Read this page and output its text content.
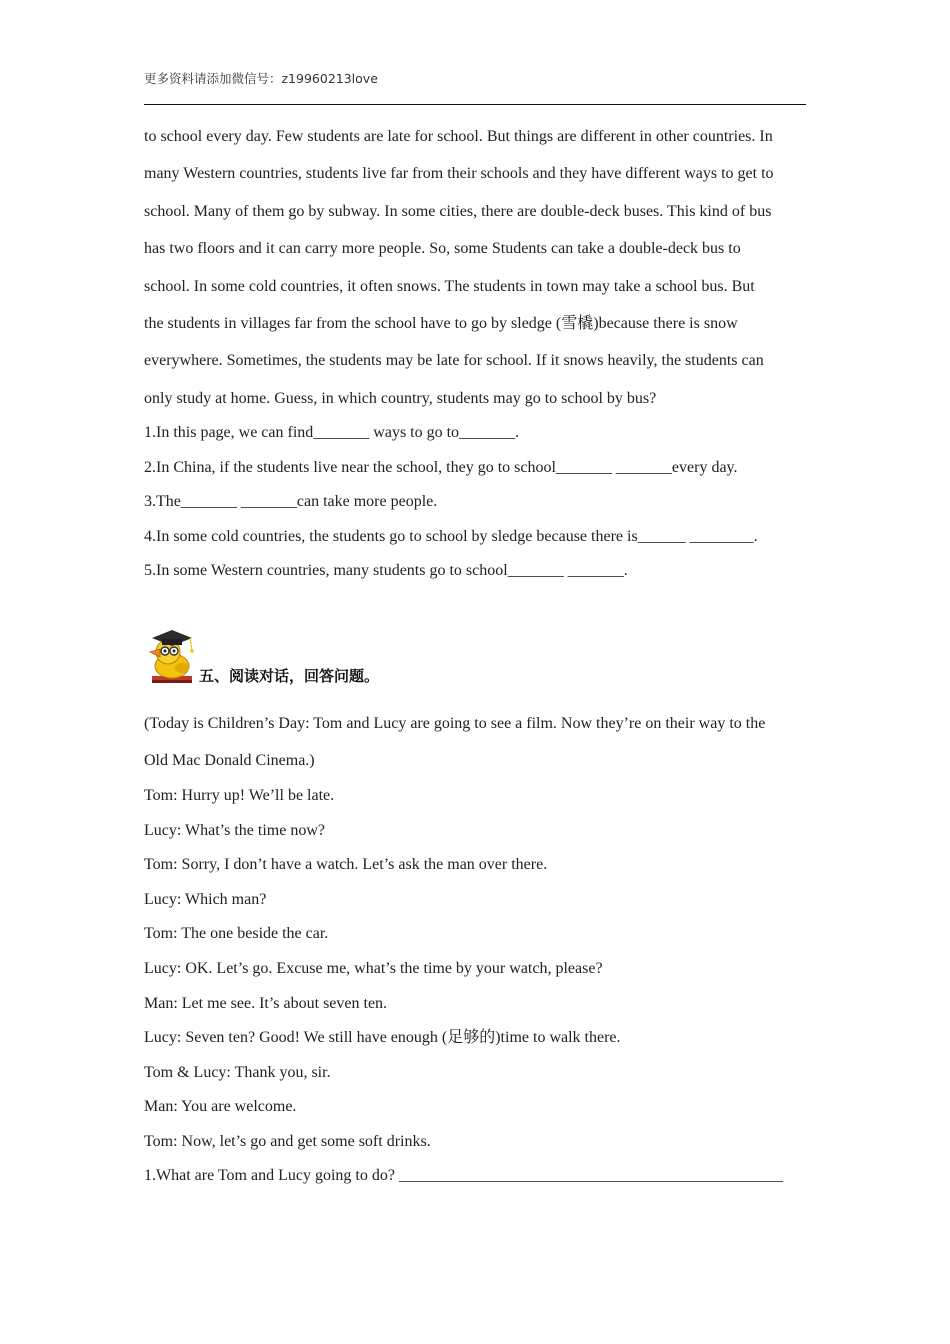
更多资料请添加微信号：z19960213love

to school every day. Few students are late for school. But things are different in other countries. In

many Western countries, students live far from their schools and they have different ways to get to

school. Many of them go by subway. In some cities, there are double-deck buses. This kind of bus

has two floors and it can carry more people. So, some Students can take a double-deck bus to

school. In some cold countries, it often snows. The students in town may take a school bus. But

the students in villages far from the school have to go by sledge (雪橇)because there is snow

everywhere. Sometimes, the students may be late for school. If it snows heavily, the students can

only study at home. Guess, in which country, students may go to school by bus?

1.In this page, we can find_______ ways to go to_______.

2.In China, if the students live near the school, they go to school_______ _______every day.

3.The_______ _______can take more people.

4.In some cold countries, the students go to school by sledge because there is______ ________.

5.In some Western countries, many students go to school_______ _______.

五、阅读对话，回答问题。

(Today is Children’s Day: Tom and Lucy are going to see a film. Now they’re on their way to the

Old Mac Donald Cinema.)

Tom: Hurry up! We’ll be late.

Lucy: What’s the time now?

Tom: Sorry, I don’t have a watch. Let’s ask the man over there.

Lucy: Which man?

Tom: The one beside the car.

Lucy: OK. Let’s go. Excuse me, what’s the time by your watch, please?

Man: Let me see. It’s about seven ten.

Lucy: Seven ten? Good! We still have enough (足够的)time to walk there.

Tom & Lucy: Thank you, sir.

Man: You are welcome.

Tom: Now, let’s go and get some soft drinks.

1.What are Tom and Lucy going to do? ________________________________________________
